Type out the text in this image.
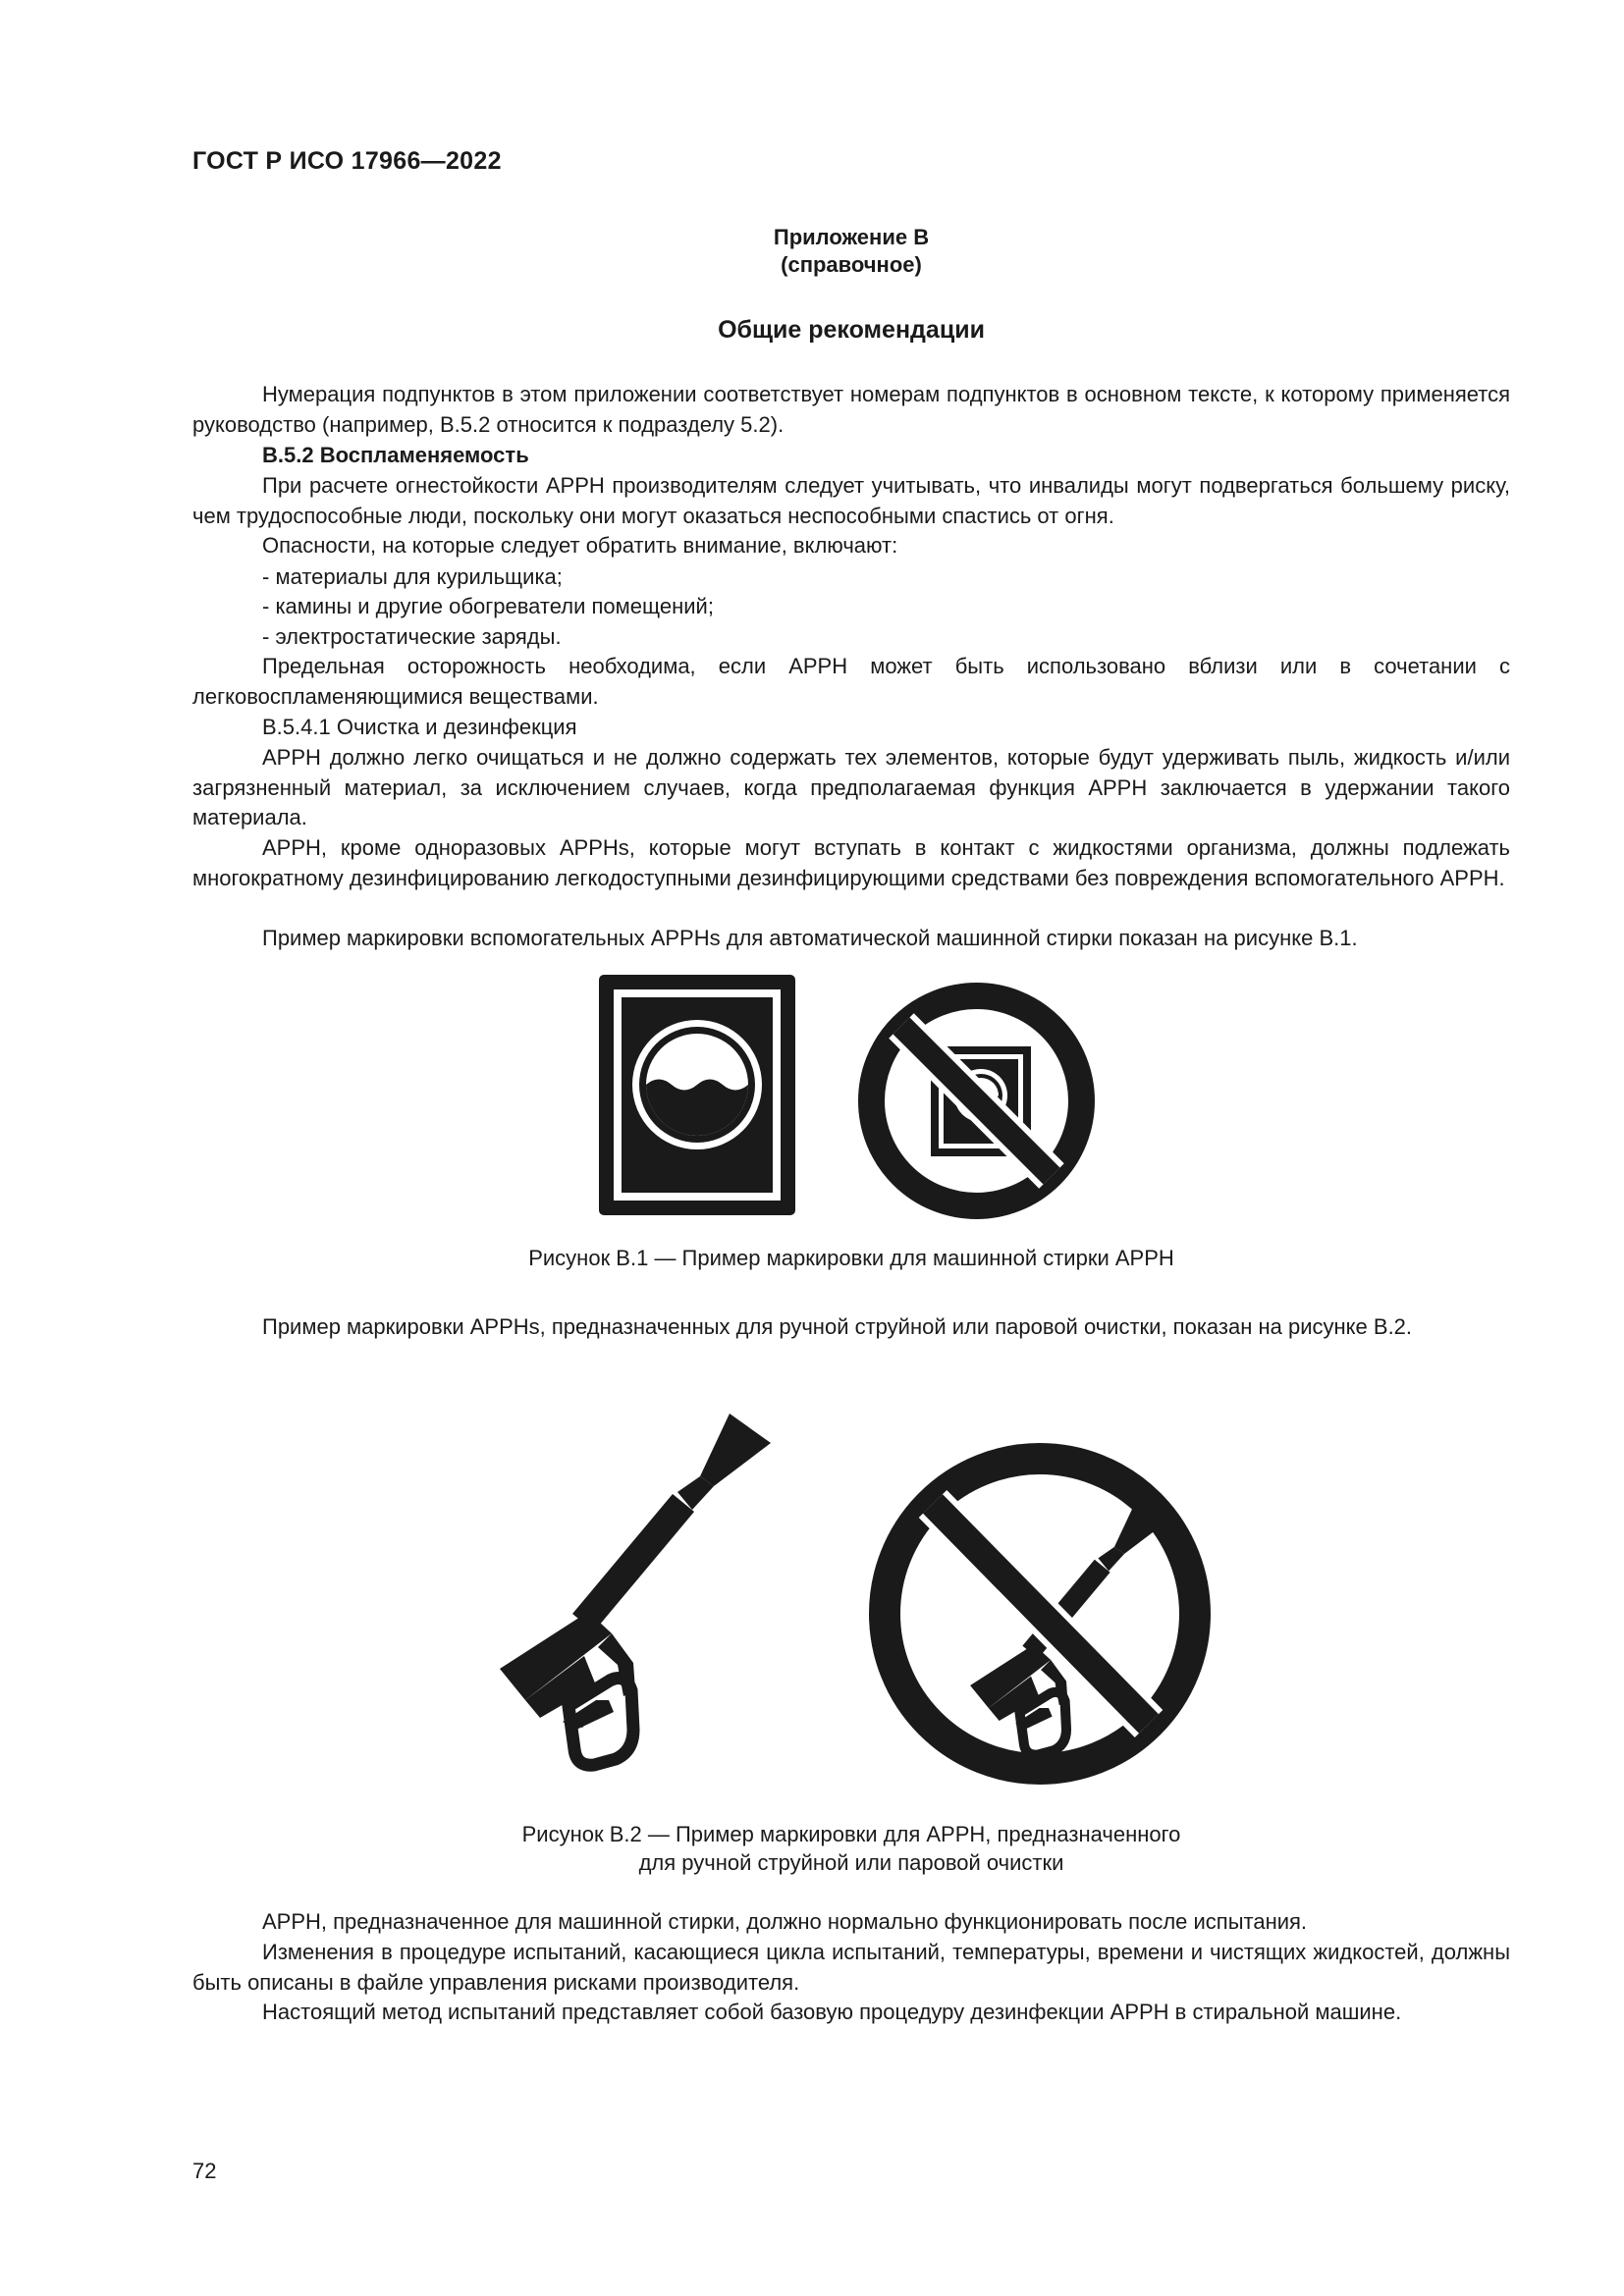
ГОСТ Р ИСО 17966—2022
Приложение В
(справочное)
Общие рекомендации

Нумерация подпунктов в этом приложении соответствует номерам подпунктов в основном тексте, к которому применяется руководство (например, В.5.2 относится к подразделу 5.2).

В.5.2 Воспламеняемость

При расчете огнестойкости АРРН производителям следует учитывать, что инвалиды могут подвергаться большему риску, чем трудоспособные люди, поскольку они могут оказаться неспособными спастись от огня.

Опасности, на которые следует обратить внимание, включают:

- материалы для курильщика;
- камины и другие обогреватели помещений;
- электростатические заряды.

Предельная осторожность необходима, если АРРН может быть использовано вблизи или в сочетании с легковоспламеняющимися веществами.

В.5.4.1 Очистка и дезинфекция

АРРН должно легко очищаться и не должно содержать тех элементов, которые будут удерживать пыль, жидкость и/или загрязненный материал, за исключением случаев, когда предполагаемая функция АРРН заключается в удержании такого материала.

АРРН, кроме одноразовых АРРНs, которые могут вступать в контакт с жидкостями организма, должны подлежать многократному дезинфицированию легкодоступными дезинфицирующими средствами без повреждения вспомогательного АРРН.

Пример маркировки вспомогательных АРРНs для автоматической машинной стирки показан на рисунке В.1.

Рисунок В.1 — Пример маркировки для машинной стирки АРРН

Пример маркировки АРРНs, предназначенных для ручной струйной или паровой очистки, показан на рисунке В.2.

Рисунок В.2 — Пример маркировки для АРРН, предназначенного
для ручной струйной или паровой очистки

АРРН, предназначенное для машинной стирки, должно нормально функционировать после испытания.

Изменения в процедуре испытаний, касающиеся цикла испытаний, температуры, времени и чистящих жидкостей, должны быть описаны в файле управления рисками производителя.

Настоящий метод испытаний представляет собой базовую процедуру дезинфекции АРРН в стиральной машине.

72
